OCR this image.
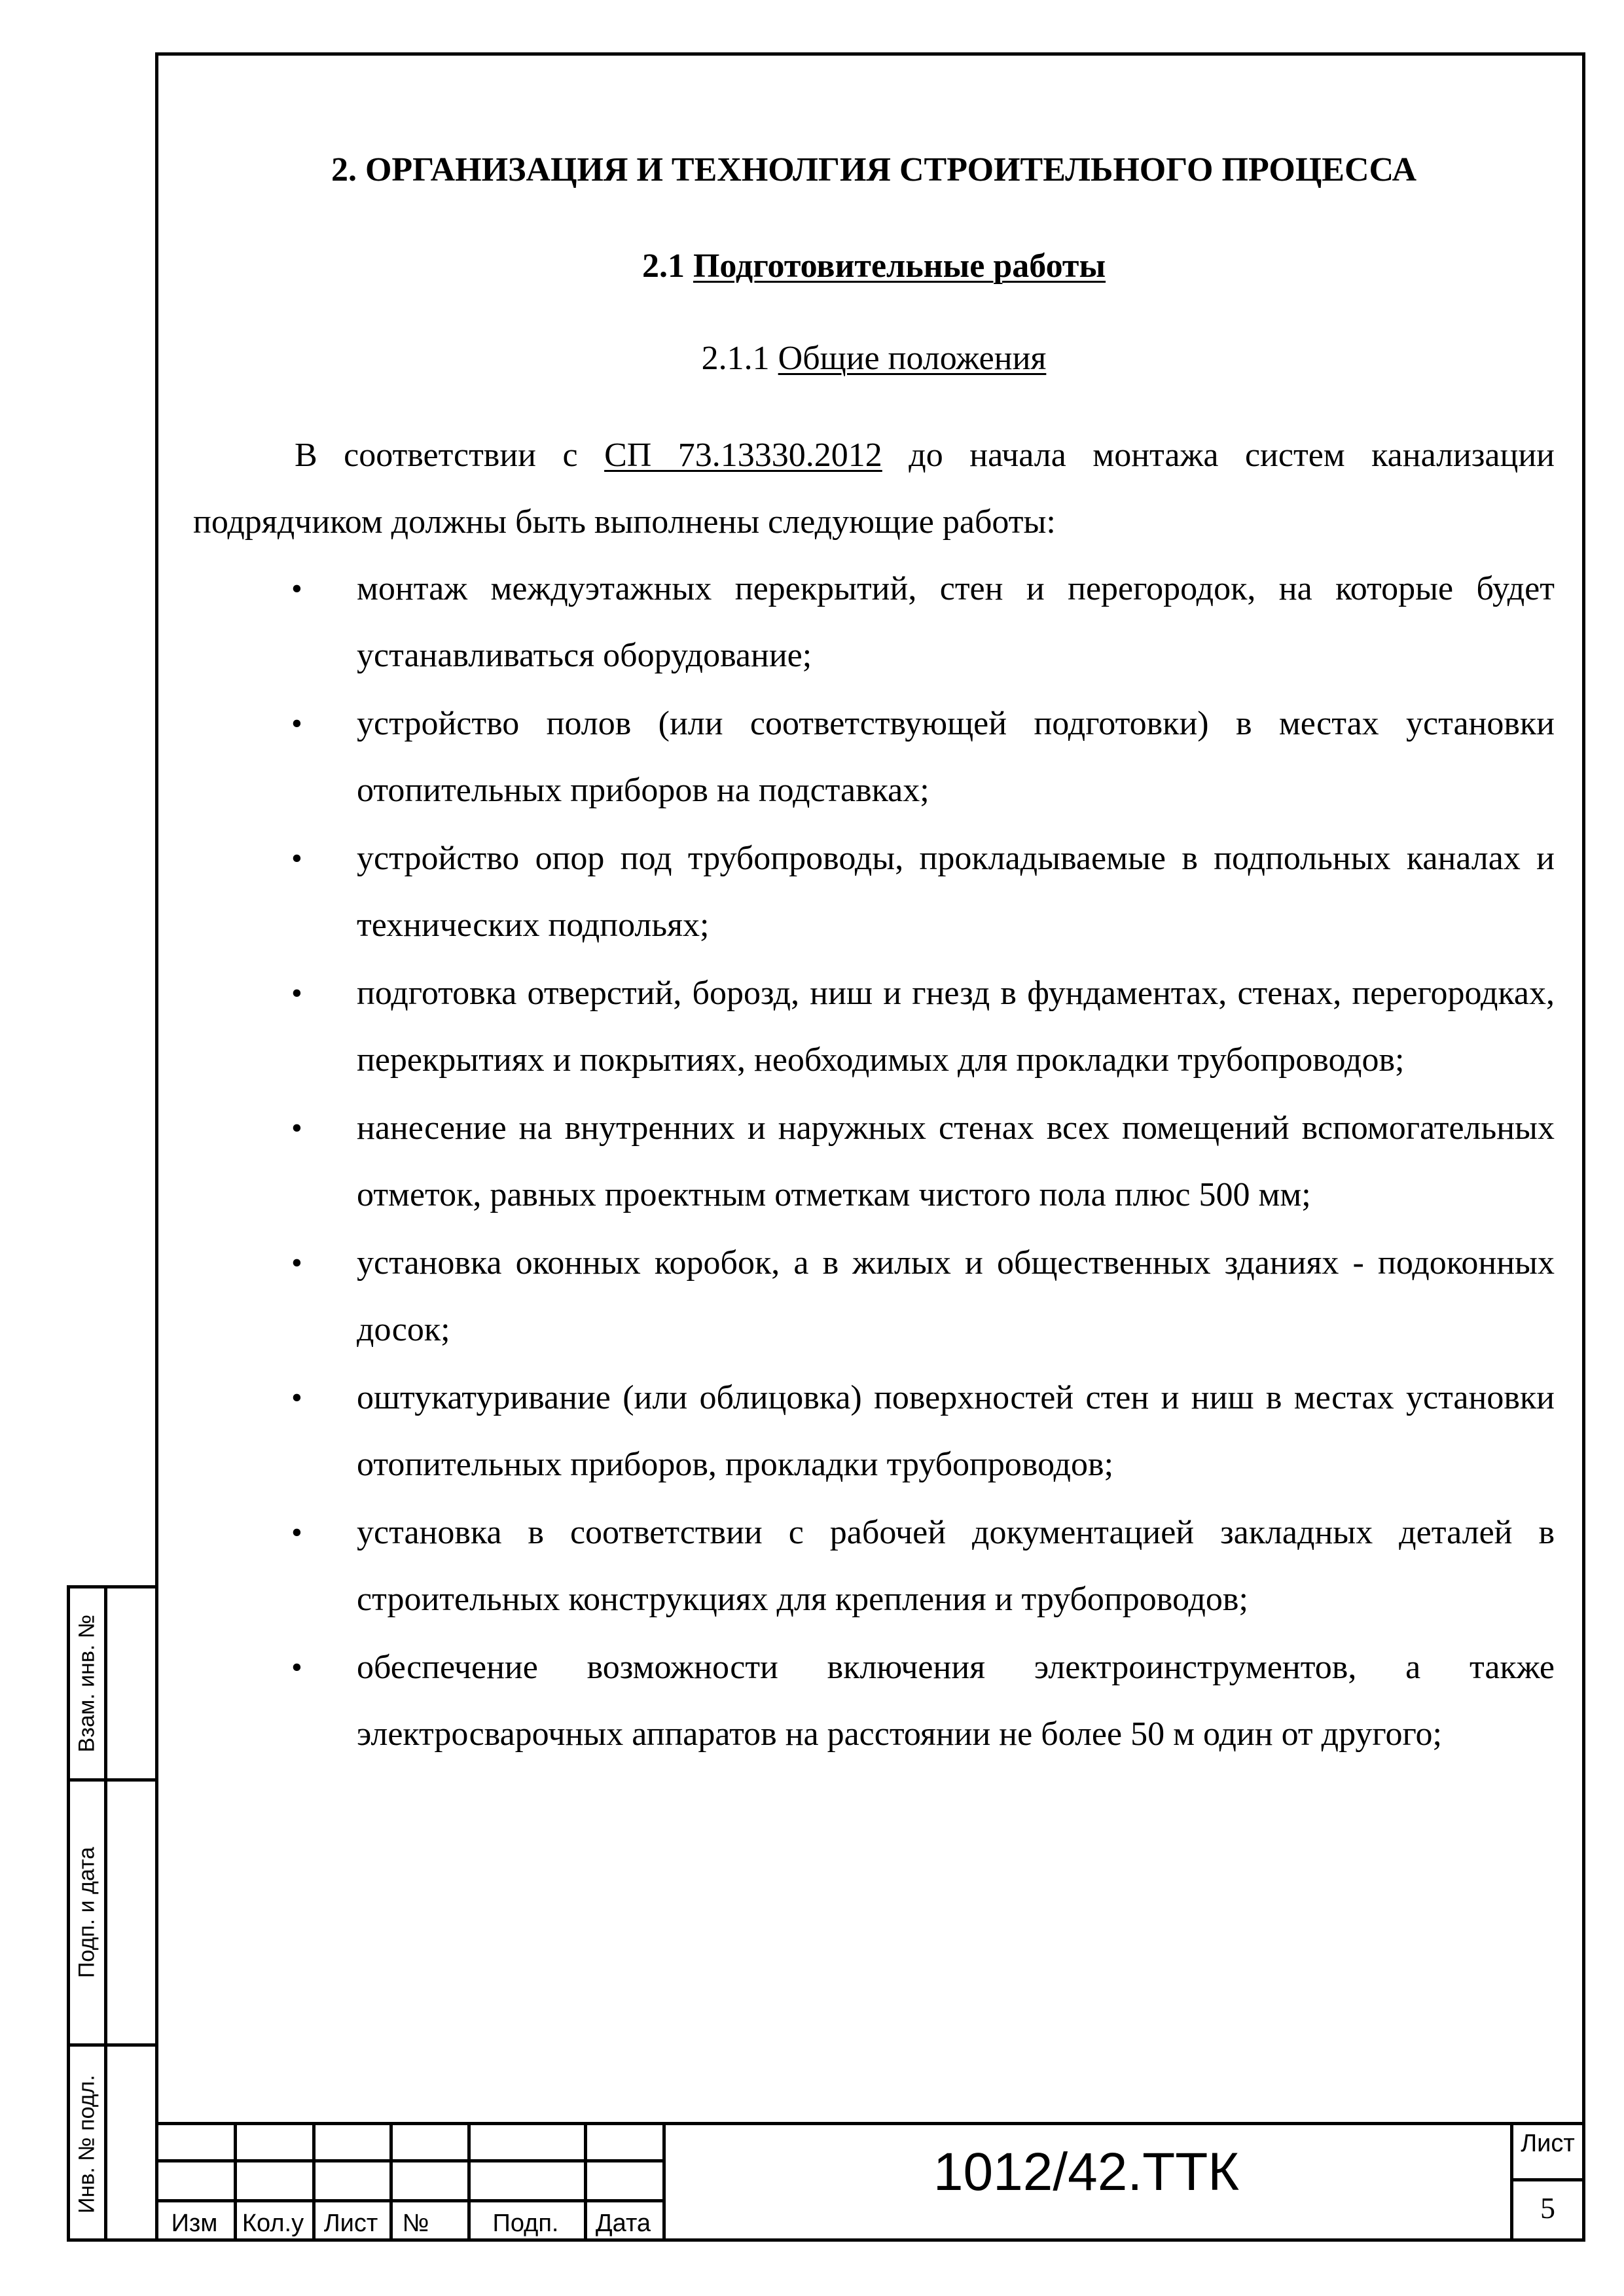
Взам. инв. №
Подп. и дата
Инв. № подл.
Изм Кол.у Лист №	Подп.	Дата
1012/42.ТТК	Лист
5
2. ОРГАНИЗАЦИЯ И ТЕХНОЛГИЯ СТРОИТЕЛЬНОГО ПРОЦЕССА
2.1 Подготовительные работы
2.1.1 Общие положения

В соответствии с СП 73.13330.2012 до начала монтажа систем канализации подрядчиком должны быть выполнены следующие работы:

• монтаж междуэтажных перекрытий, стен и перегородок, на которые будет устанавливаться оборудование;
• устройство полов (или соответствующей подготовки) в местах установки отопительных приборов на подставках;
• устройство опор под трубопроводы, прокладываемые в подпольных каналах и технических подпольях;
• подготовка отверстий, борозд, ниш и гнезд в фундаментах, стенах, перегородках, перекрытиях и покрытиях, необходимых для прокладки трубопроводов;
• нанесение на внутренних и наружных стенах всех помещений вспомогательных отметок, равных проектным отметкам чистого пола плюс 500 мм;
• установка оконных коробок, а в жилых и общественных зданиях - подоконных досок;
• оштукатуривание (или облицовка) поверхностей стен и ниш в местах установки отопительных приборов, прокладки трубопроводов;
• установка в соответствии с рабочей документацией закладных деталей в строительных конструкциях для крепления и трубопроводов;
• обеспечение возможности включения электроинструментов, а также электросварочных аппаратов на расстоянии не более 50 м один от другого;
